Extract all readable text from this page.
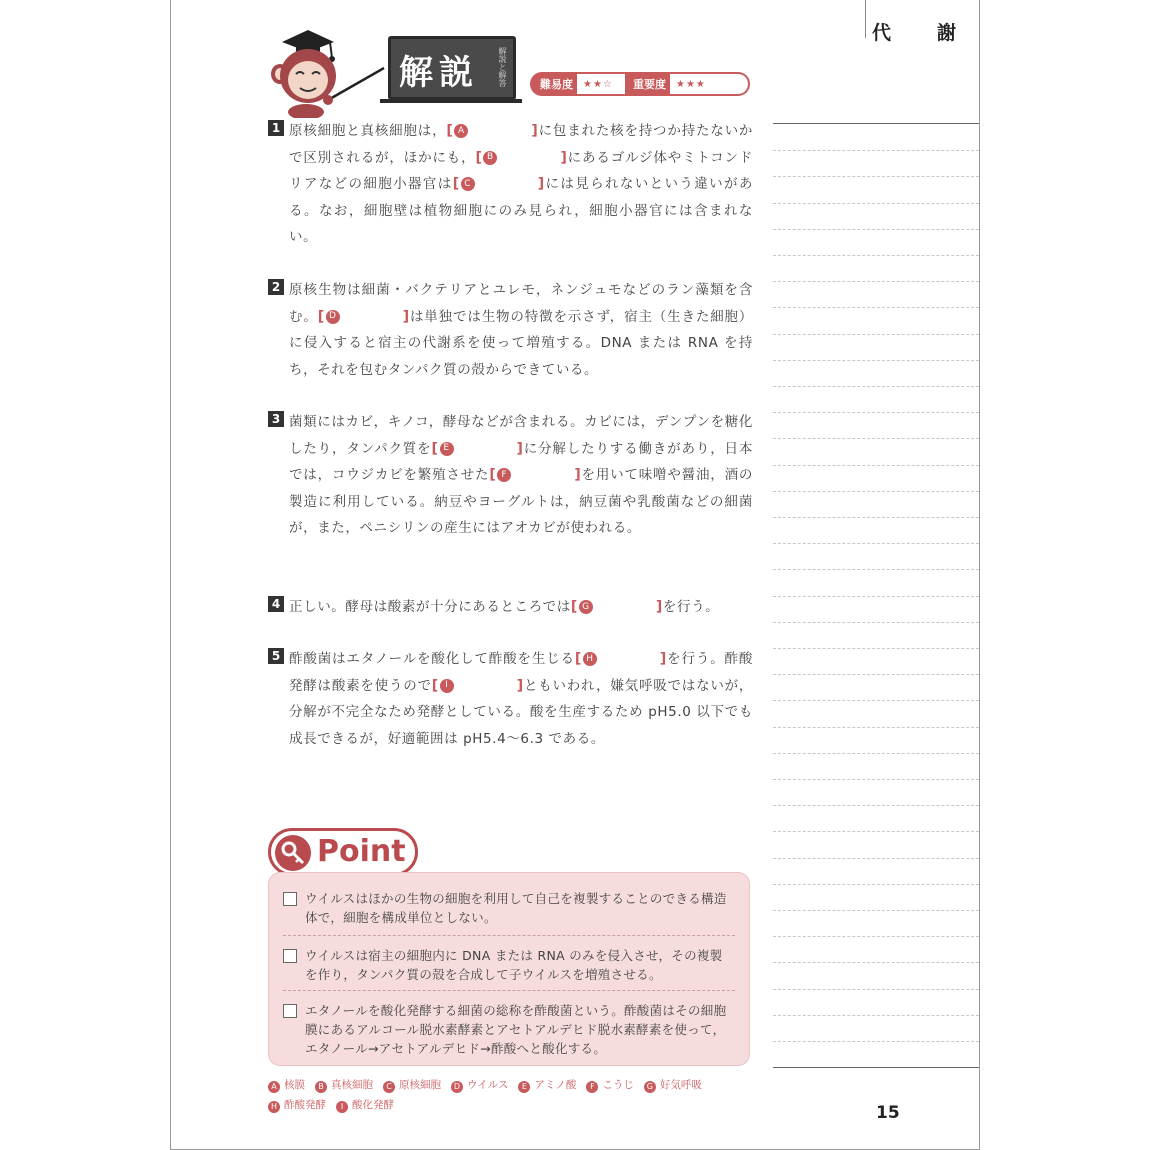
代 謝
15
解説 解説と解答	難易度	★★☆	重要度	★★★
1 原核細胞と真核細胞は，	[ A
]	に包まれた核を持つか持たないかで区別されるが，ほかにも，	[ B
]	にあるゴルジ体やミトコンドリアなどの細胞小器官は	[ C
]	には見られないという違いがある。なお，細胞壁は植物細胞にのみ見られ，細胞小器官には含まれない。
2 原核生物は細菌・バクテリアとユレモ，ネンジュモなどのラン藻類を含む。	[ D
]	は単独では生物の特徴を示さず，宿主（生きた細胞）に侵入すると宿主の代謝系を使って増殖する。DNA または RNA を持ち，それを包むタンパク質の殻からできている。
3 菌類にはカビ，キノコ，酵母などが含まれる。カビには，デンプンを糖化したり，タンパク質を	[ E
]	に分解したりする働きがあり，日本では，コウジカビを繁殖させた	[ F
]	を用いて味噌や醤油，酒の製造に利用している。納豆やヨーグルトは，納豆菌や乳酸菌などの細菌が，また，ペニシリンの産生にはアオカビが使われる。
4 正しい。酵母は酸素が十分にあるところでは	[ G
]	を行う。
5 酢酸菌はエタノールを酸化して酢酸を生じる	[ H
]	を行う。酢酸発酵は酸素を使うので	[ I
]	ともいわれ，嫌気呼吸ではないが，分解が不完全なため発酵としている。酸を生産するため pH5.0 以下でも成長できるが，好適範囲は pH5.4〜6.3 である。
Point
ウイルスはほかの生物の細胞を利用して自己を複製することのできる構造体で，細胞を構成単位としない。
ウイルスは宿主の細胞内に DNA または RNA のみを侵入させ，その複製を作り，タンパク質の殻を合成して子ウイルスを増殖させる。
エタノールを酸化発酵する細菌の総称を酢酸菌という。酢酸菌はその細胞膜にあるアルコール脱水素酵素とアセトアルデヒド脱水素酵素を使って，エタノール→アセトアルデヒド→酢酸へと酸化する。
A 核膜 B 真核細胞 C 原核細胞 D ウイルス E アミノ酸 F こうじ G 好気呼吸H 酢酸発酵 I 酸化発酵
